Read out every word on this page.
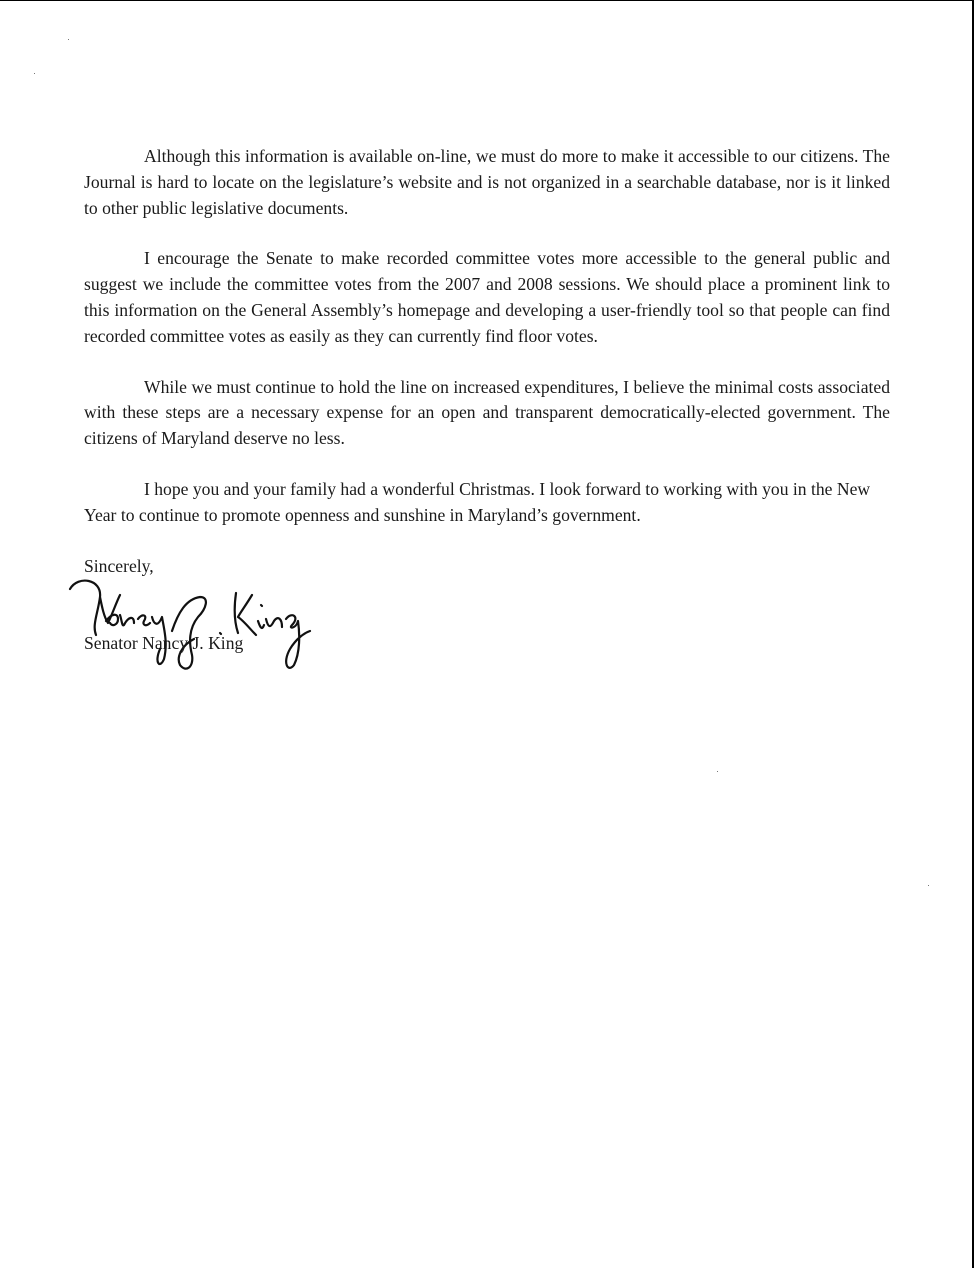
Although this information is available on-line, we must do more to make it accessible to our citizens. The Journal is hard to locate on the legislature’s website and is not organized in a searchable database, nor is it linked to other public legislative documents.

I encourage the Senate to make recorded committee votes more accessible to the general public and suggest we include the committee votes from the 2007 and 2008 sessions. We should place a prominent link to this information on the General Assembly’s homepage and developing a user-friendly tool so that people can find recorded committee votes as easily as they can currently find floor votes.

While we must continue to hold the line on increased expenditures, I believe the minimal costs associated with these steps are a necessary expense for an open and transparent democratically-elected government. The citizens of Maryland deserve no less.

I hope you and your family had a wonderful Christmas. I look forward to working with you in the New Year to continue to promote openness and sunshine in Maryland’s government.

Sincerely,

Senator Nancy J. King
